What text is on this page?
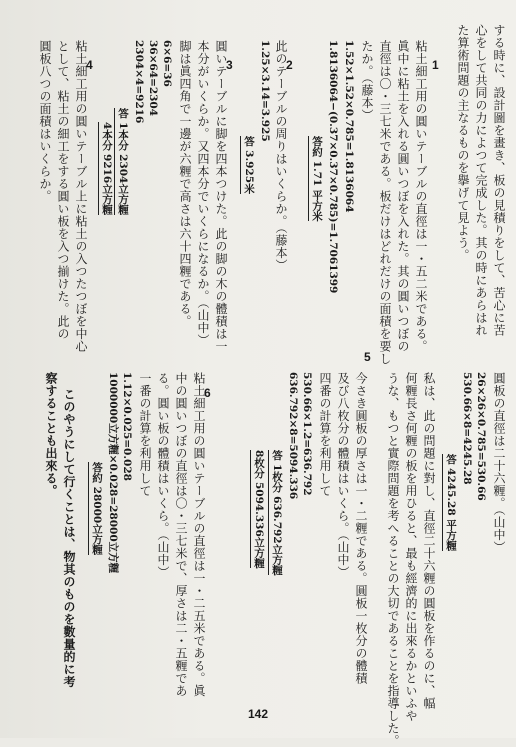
する時に、設計圖を畫き、板の見積りをして、苦心に苦
心をして共同の力によつて完成した。其の時にあらはれ
た算術問題の主なるものを擧げて見よう。
1
粘土細工用の圓いテーブルの直徑は一・五二米である。
眞中に粘土を入れる圓いつぼを入れた。其の圓いつぼの
直徑は〇・三七米である。板だけはどれだけの面積を要し
たか。（藤本）
1.52×1.52×0.785=1.8136064
1.8136064−(0.37×0.37×0.785)=1.7061399
答約 1.71 平方米
2
此のテーブルの周りはいくらか。（藤本）
1.25×3.14=3.925
答 3.925米
3
圓いテーブルに脚を四本つけた。此の脚の木の體積は一
本分がいくらか。又四本分でいくらになるか。（山中）
脚は眞四角で一邊が六糎で高さは六十四糎である。
6×6=36
36×64=2304
2304×4=9216
答 1本分 2304立方糎
4本分 9216立方糎
4
粘土細工用の圓いテーブル上に粘土の入つたつぼを中心
として、粘土の細工をする圓い板を入つ揃けた。此の
圓板八つの面積はいくらか。
圓板の直徑は二十六糎。（山中）
26×26×0.785=530.66
530.66×8=4245.28
答 4245.28 平方糎
私は、此の問題に對し、直徑二十六糎の圓板を作るのに、幅
何糎長さ何糎の板を用ひると、最も經濟的に出來るかといふや
うな、もつと實際問題を考へることの大切であることを指導した。
5
今さき圓板の厚さは一・二糎である。圓板一枚分の體積
及び八枚分の體積はいくら。（山中）
四番の計算を利用して
530.66×1.2=636.792
636.792×8=5094.336
答 1枚分 636.792立方糎
8枚分 5094.336立方糎
6
粘土細工用の圓いテーブルの直徑は一・二五米である。眞
中の圓いつぼの直徑は〇・三七米で、厚さは二・五糎であ
る。圓い板の體積はいくら。（山中）
一番の計算を利用して
1.12×0.025=0.028
1000000立方糎×0.028=28000立方糎
答約 28000立方糎
このやうにして行くことは、物其のものを數量的に考
察することも出來る。
142
